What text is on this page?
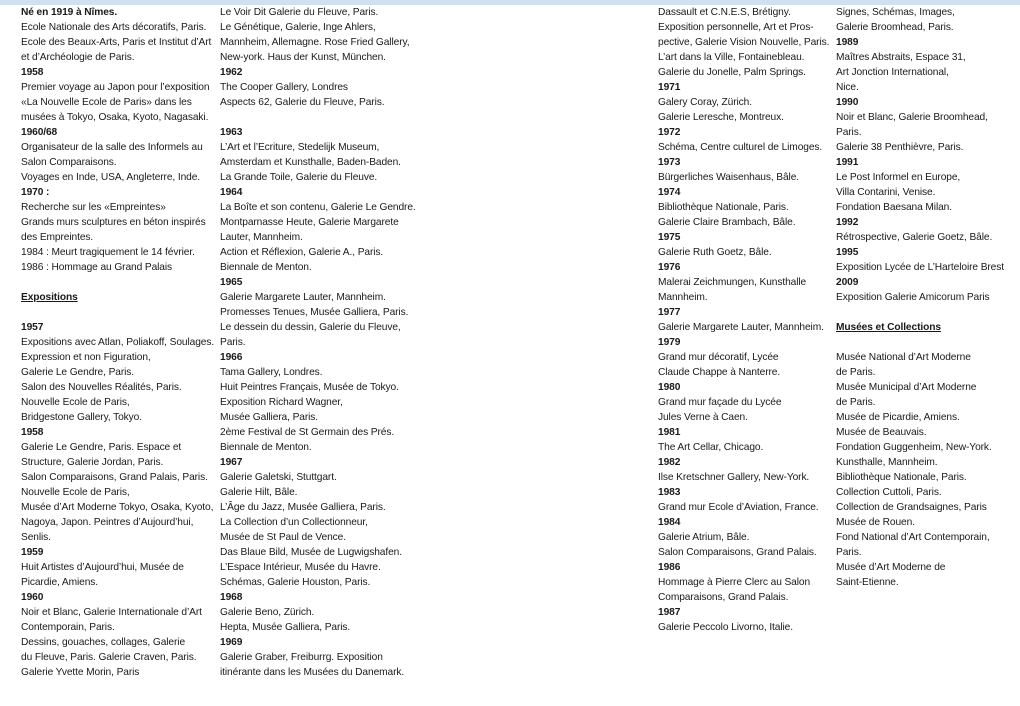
Né en 1919 à Nîmes.
Ecole Nationale des Arts décoratifs, Paris.
Ecole des Beaux-Arts, Paris et Institut d’Art
et d’Archéologie de Paris.
1958
Premier voyage au Japon pour l’exposition
«La Nouvelle Ecole de Paris» dans les
musées à Tokyo, Osaka, Kyoto, Nagasaki.
1960/68
Organisateur de la salle des Informels au
Salon Comparaisons.
Voyages en Inde, USA, Angleterre, Inde.
1970 :
Recherche sur les «Empreintes»
Grands murs sculptures en béton inspirés
des Empreintes.
1984 : Meurt tragiquement le 14 février.
1986 : Hommage au Grand Palais
Expositions
1957
Expositions avec Atlan, Poliakoff, Soulages.
Expression et non Figuration,
Galerie Le Gendre, Paris.
Salon des Nouvelles Réalités, Paris.
Nouvelle Ecole de Paris,
Bridgestone Gallery, Tokyo.
1958
Galerie Le Gendre, Paris. Espace et
Structure, Galerie Jordan, Paris.
Salon Comparaisons, Grand Palais, Paris.
Nouvelle Ecole de Paris,
Musée d’Art Moderne Tokyo, Osaka, Kyoto,
Nagoya, Japon. Peintres d’Aujourd’hui,
Senlis.
1959
Huit Artistes d’Aujourd’hui, Musée de
Picardie, Amiens.
1960
Noir et Blanc, Galerie Internationale d’Art
Contemporain, Paris.
Dessins, gouaches, collages, Galerie
du Fleuve, Paris. Galerie Craven, Paris.
Galerie Yvette Morin, Paris
Le Voir Dit Galerie du Fleuve, Paris.
Le Génétique, Galerie, Inge Ahlers,
Mannheim, Allemagne. Rose Fried Gallery,
New-york. Haus der Kunst, München.
1962
The Cooper Gallery, Londres
Aspects 62, Galerie du Fleuve, Paris.
1963
L’Art et l’Ecriture, Stedelijk Museum,
Amsterdam et Kunsthalle, Baden-Baden.
La Grande Toile, Galerie du Fleuve.
1964
La Boîte et son contenu, Galerie Le Gendre.
Montparnasse Heute, Galerie Margarete
Lauter, Mannheim.
Action et Réflexion, Galerie A., Paris.
Biennale de Menton.
1965
Galerie Margarete Lauter, Mannheim.
Promesses Tenues, Musée Galliera, Paris.
Le dessein du dessin, Galerie du Fleuve,
Paris.
1966
Tama Gallery, Londres.
Huit Peintres Français, Musée de Tokyo.
Exposition Richard Wagner,
Musée Galliera, Paris.
2ème Festival de St Germain des Prés.
Biennale de Menton.
1967
Galerie Galetski, Stuttgart.
Galerie Hilt, Bâle.
L’Âge du Jazz, Musée Galliera, Paris.
La Collection d’un Collectionneur,
Musée de St Paul de Vence.
Das Blaue Bild, Musée de Lugwigshafen.
L’Espace Intérieur, Musée du Havre.
Schémas, Galerie Houston, Paris.
1968
Galerie Beno, Zürich.
Hepta, Musée Galliera, Paris.
1969
Galerie Graber, Freiburrg. Exposition
itinérante dans les Musées du Danemark.
Dassault et C.N.E.S, Brétigny.
Exposition personnelle, Art et Pros-
pective, Galerie Vision Nouvelle, Paris.
L’art dans la Ville, Fontainebleau.
Galerie du Jonelle, Palm Springs.
1971
Galery Coray, Zürich.
Galerie Leresche, Montreux.
1972
Schéma, Centre culturel de Limoges.
1973
Bürgerliches Waisenhaus, Bâle.
1974
Bibliothèque Nationale, Paris.
Galerie Claire Brambach, Bâle.
1975
Galerie Ruth Goetz, Bâle.
1976
Malerai Zeichmungen, Kunsthalle
Mannheim.
1977
Galerie Margarete Lauter, Mannheim.
1979
Grand mur décoratif, Lycée
Claude Chappe à Nanterre.
1980
Grand mur façade du Lycée
Jules Verne à Caen.
1981
The Art Cellar, Chicago.
1982
Ilse Kretschner Gallery, New-York.
1983
Grand mur Ecole d’Aviation, France.
1984
Galerie Atrium, Bâle.
Salon Comparaisons, Grand Palais.
1986
Hommage à Pierre Clerc au Salon
Comparaisons, Grand Palais.
1987
Galerie Peccolo Livorno, Italie.
Signes, Schémas, Images,
Galerie Broomhead, Paris.
1989
Maîtres Abstraits, Espace 31,
Art Jonction International,
Nice.
1990
Noir et Blanc, Galerie Broomhead,
Paris.
Galerie 38 Penthièvre, Paris.
1991
Le Post Informel en Europe,
Villa Contarini, Venise.
Fondation Baesana Milan.
1992
Rétrospective, Galerie Goetz, Bâle.
1995
Exposition Lycée de L’Harteloire Brest
2009
Exposition Galerie Amicorum Paris
Musées et Collections
Musée National d’Art Moderne
de Paris.
Musée Municipal d’Art Moderne
de Paris.
Musée de Picardie, Amiens.
Musée de Beauvais.
Fondation Guggenheim, New-York.
Kunsthalle, Mannheim.
Bibliothèque Nationale, Paris.
Collection Cuttoli, Paris.
Collection de Grandsaignes, Paris
Musée de Rouen.
Fond National d’Art Contemporain,
Paris.
Musée d’Art Moderne de
Saint-Etienne.
